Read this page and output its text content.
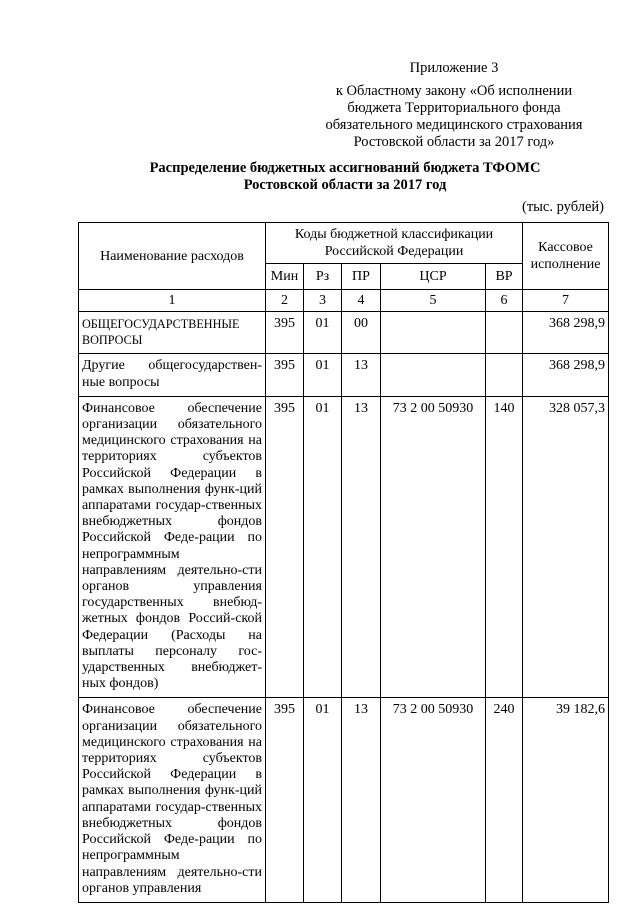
Приложение 3
к Областному закону «Об исполнении
бюджета Территориального фонда
обязательного медицинского страхования
Ростовской области за 2017 год»
Распределение бюджетных ассигнований бюджета ТФОМС
Ростовской области за 2017 год
(тыс. рублей)
Наименование расходов	Коды бюджетной классификации Российской Федерации					Кассовое исполнение
	Мин	Рз	ПР	ЦСР	ВР	
1	2	3	4	5	6	7
ОБЩЕГОСУДАРСТВЕННЫЕ ВОПРОСЫ	395	01	00			368 298,9
Другие общегосударствен-ные вопросы	395	01	13			368 298,9
Финансовое обеспечение организации обязательного медицинского страхования на территориях субъектов Российской Федерации в рамках выполнения функ-ций аппаратами государ-ственных внебюджетных фондов Российской Феде-рации по непрограммным направлениям деятельно-сти органов управления государственных внебюд-жетных фондов Россий-ской Федерации (Расходы на выплаты персоналу гос-ударственных внебюджет-ных фондов)	395	01	13	73 2 00 50930	140	328 057,3
Финансовое обеспечение организации обязательного медицинского страхования на территориях субъектов Российской Федерации в рамках выполнения функ-ций аппаратами государ-ственных внебюджетных фондов Российской Феде-рации по непрограммным направлениям деятельно-сти органов управления	395	01	13	73 2 00 50930	240	39 182,6
